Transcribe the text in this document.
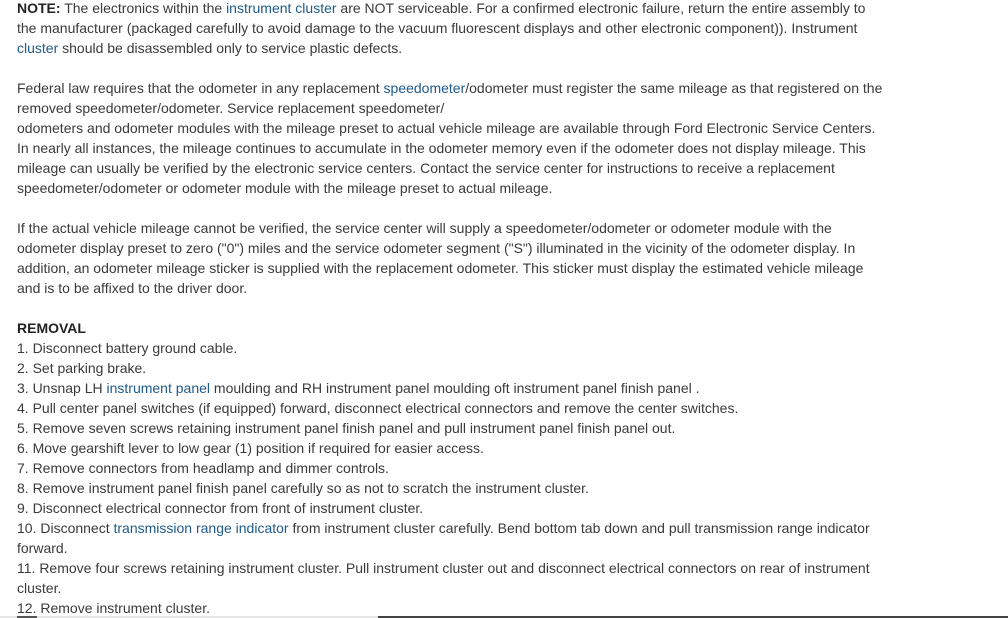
NOTE: The electronics within the instrument cluster are NOT serviceable. For a confirmed electronic failure, return the entire assembly to the manufacturer (packaged carefully to avoid damage to the vacuum fluorescent displays and other electronic component)). Instrument cluster should be disassembled only to service plastic defects.

Federal law requires that the odometer in any replacement speedometer/odometer must register the same mileage as that registered on the removed speedometer/odometer. Service replacement speedometer/
odometers and odometer modules with the mileage preset to actual vehicle mileage are available through Ford Electronic Service Centers. In nearly all instances, the mileage continues to accumulate in the odometer memory even if the odometer does not display mileage. This mileage can usually be verified by the electronic service centers. Contact the service center for instructions to receive a replacement speedometer/odometer or odometer module with the mileage preset to actual mileage.

If the actual vehicle mileage cannot be verified, the service center will supply a speedometer/odometer or odometer module with the odometer display preset to zero ("0") miles and the service odometer segment ("S") illuminated in the vicinity of the odometer display. In addition, an odometer mileage sticker is supplied with the replacement odometer. This sticker must display the estimated vehicle mileage and is to be affixed to the driver door.

REMOVAL

1. Disconnect battery ground cable.

2. Set parking brake.

3. Unsnap LH instrument panel moulding and RH instrument panel moulding oft instrument panel finish panel .

4. Pull center panel switches (if equipped) forward, disconnect electrical connectors and remove the center switches.

5. Remove seven screws retaining instrument panel finish panel and pull instrument panel finish panel out.

6. Move gearshift lever to low gear (1) position if required for easier access.

7. Remove connectors from headlamp and dimmer controls.

8. Remove instrument panel finish panel carefully so as not to scratch the instrument cluster.

9. Disconnect electrical connector from front of instrument cluster.

10. Disconnect transmission range indicator from instrument cluster carefully. Bend bottom tab down and pull transmission range indicator forward.

11. Remove four screws retaining instrument cluster. Pull instrument cluster out and disconnect electrical connectors on rear of instrument cluster.

12. Remove instrument cluster.
